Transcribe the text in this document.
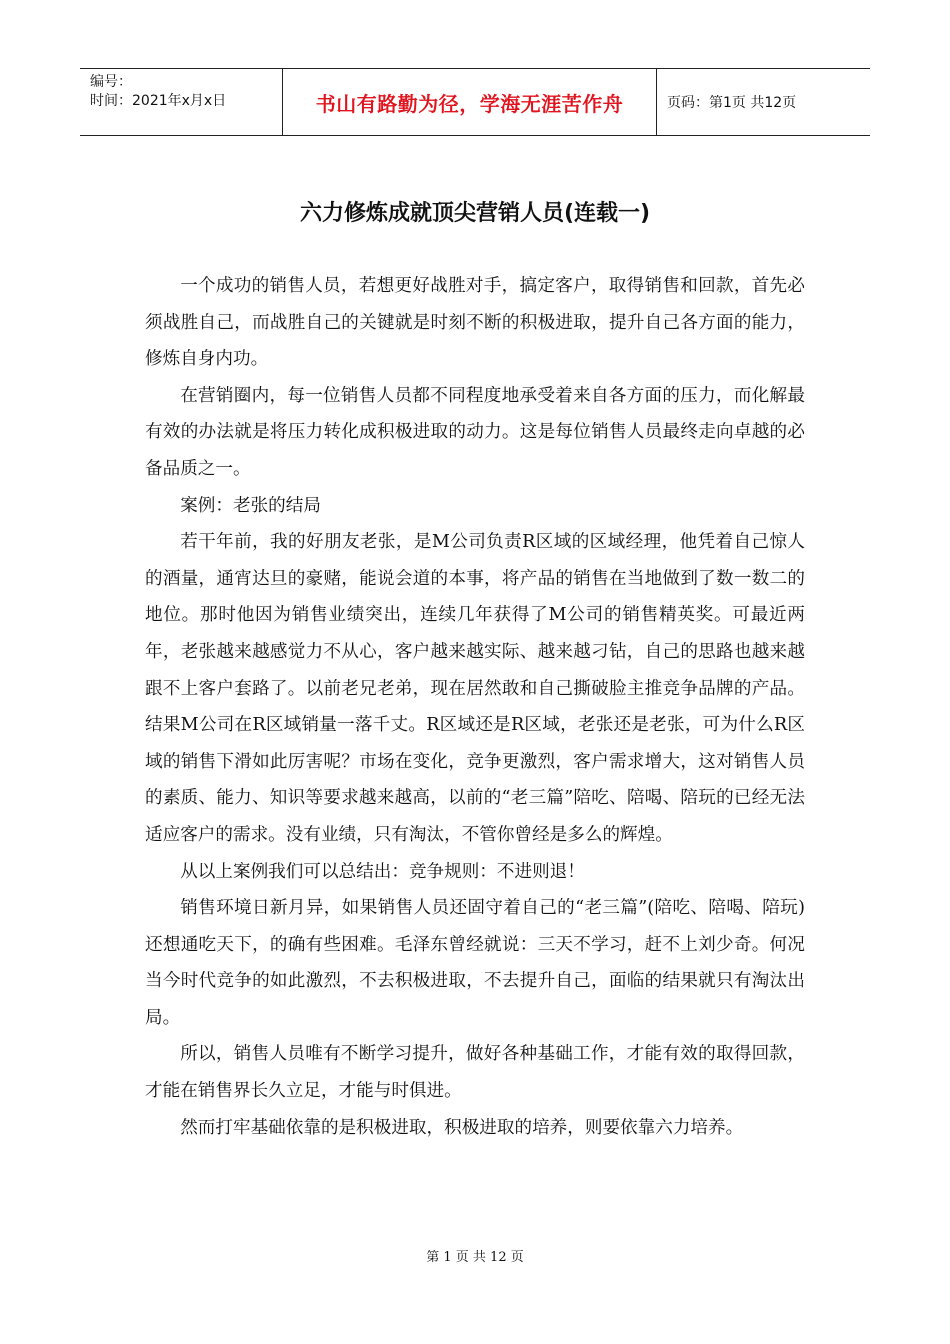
编号：
时间：2021年x月x日	书山有路勤为径，学海无涯苦作舟	页码：第1页 共12页
六力修炼成就顶尖营销人员(连载一)

一个成功的销售人员，若想更好战胜对手，搞定客户，取得销售和回款，首先必须战胜自己，而战胜自己的关键就是时刻不断的积极进取，提升自己各方面的能力，修炼自身内功。

在营销圈内，每一位销售人员都不同程度地承受着来自各方面的压力，而化解最有效的办法就是将压力转化成积极进取的动力。这是每位销售人员最终走向卓越的必备品质之一。

案例：老张的结局

若干年前，我的好朋友老张，是M公司负责R区域的区域经理，他凭着自己惊人的酒量，通宵达旦的豪赌，能说会道的本事，将产品的销售在当地做到了数一数二的地位。那时他因为销售业绩突出，连续几年获得了M公司的销售精英奖。可最近两年，老张越来越感觉力不从心，客户越来越实际、越来越刁钻，自己的思路也越来越跟不上客户套路了。以前老兄老弟，现在居然敢和自己撕破脸主推竞争品牌的产品。结果M公司在R区域销量一落千丈。R区域还是R区域，老张还是老张，可为什么R区域的销售下滑如此厉害呢？市场在变化，竞争更激烈，客户需求增大，这对销售人员的素质、能力、知识等要求越来越高，以前的“老三篇”陪吃、陪喝、陪玩的已经无法适应客户的需求。没有业绩，只有淘汰，不管你曾经是多么的辉煌。

从以上案例我们可以总结出：竞争规则：不进则退！

销售环境日新月异，如果销售人员还固守着自己的“老三篇”(陪吃、陪喝、陪玩)还想通吃天下，的确有些困难。毛泽东曾经就说：三天不学习，赶不上刘少奇。何况当今时代竞争的如此激烈，不去积极进取，不去提升自己，面临的结果就只有淘汰出局。

所以，销售人员唯有不断学习提升，做好各种基础工作，才能有效的取得回款，才能在销售界长久立足，才能与时俱进。

然而打牢基础依靠的是积极进取，积极进取的培养，则要依靠六力培养。

第 1 页 共 12 页
